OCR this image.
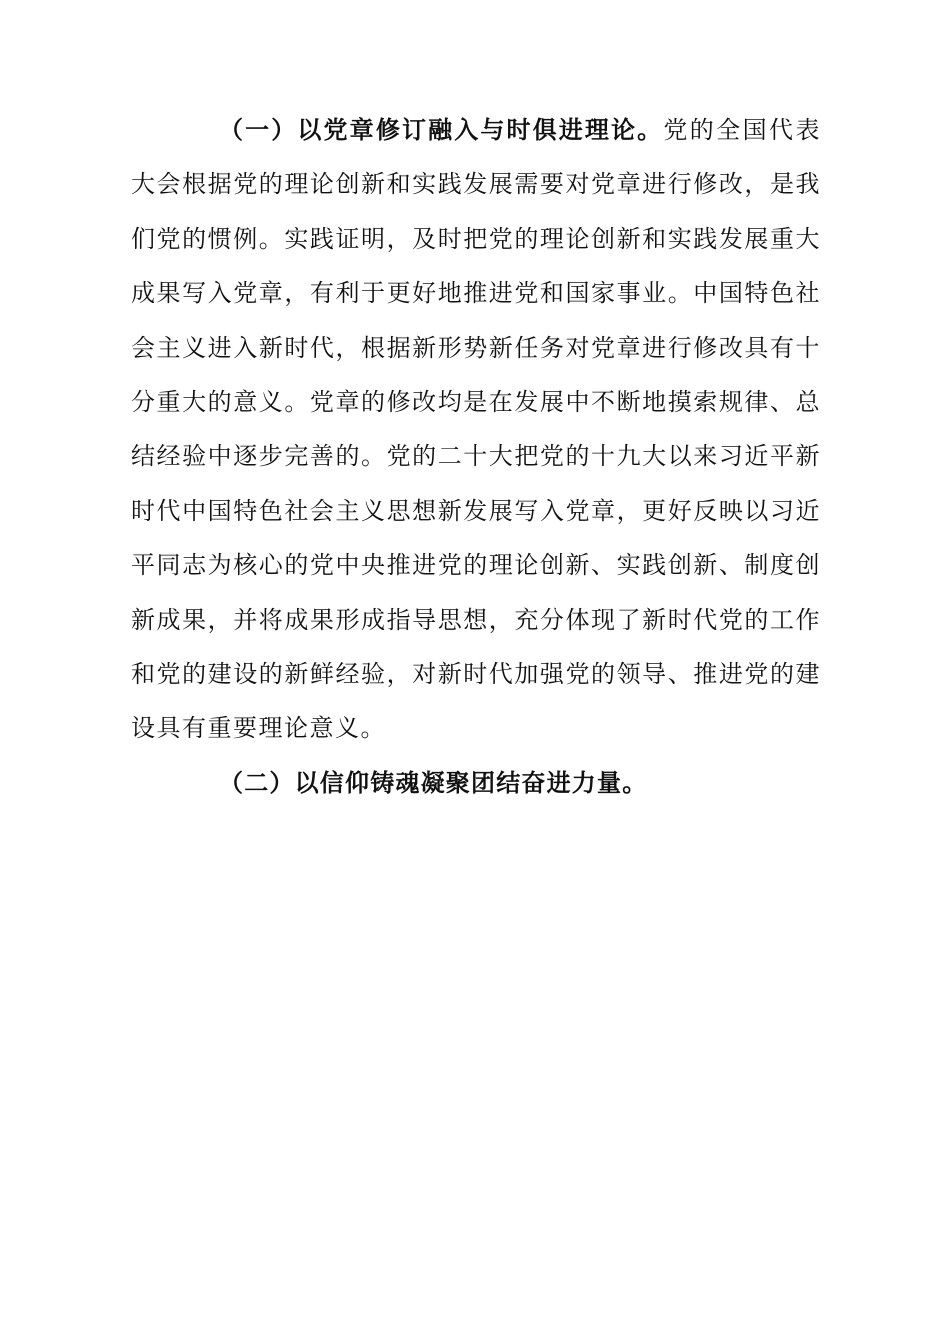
（一）以党章修订融入与时俱进理论。党的全国代表大会根据党的理论创新和实践发展需要对党章进行修改，是我们党的惯例。实践证明，及时把党的理论创新和实践发展重大成果写入党章，有利于更好地推进党和国家事业。中国特色社会主义进入新时代，根据新形势新任务对党章进行修改具有十分重大的意义。党章的修改均是在发展中不断地摸索规律、总结经验中逐步完善的。党的二十大把党的十九大以来习近平新时代中国特色社会主义思想新发展写入党章，更好反映以习近平同志为核心的党中央推进党的理论创新、实践创新、制度创新成果，并将成果形成指导思想，充分体现了新时代党的工作和党的建设的新鲜经验，对新时代加强党的领导、推进党的建设具有重要理论意义。

（二）以信仰铸魂凝聚团结奋进力量。
